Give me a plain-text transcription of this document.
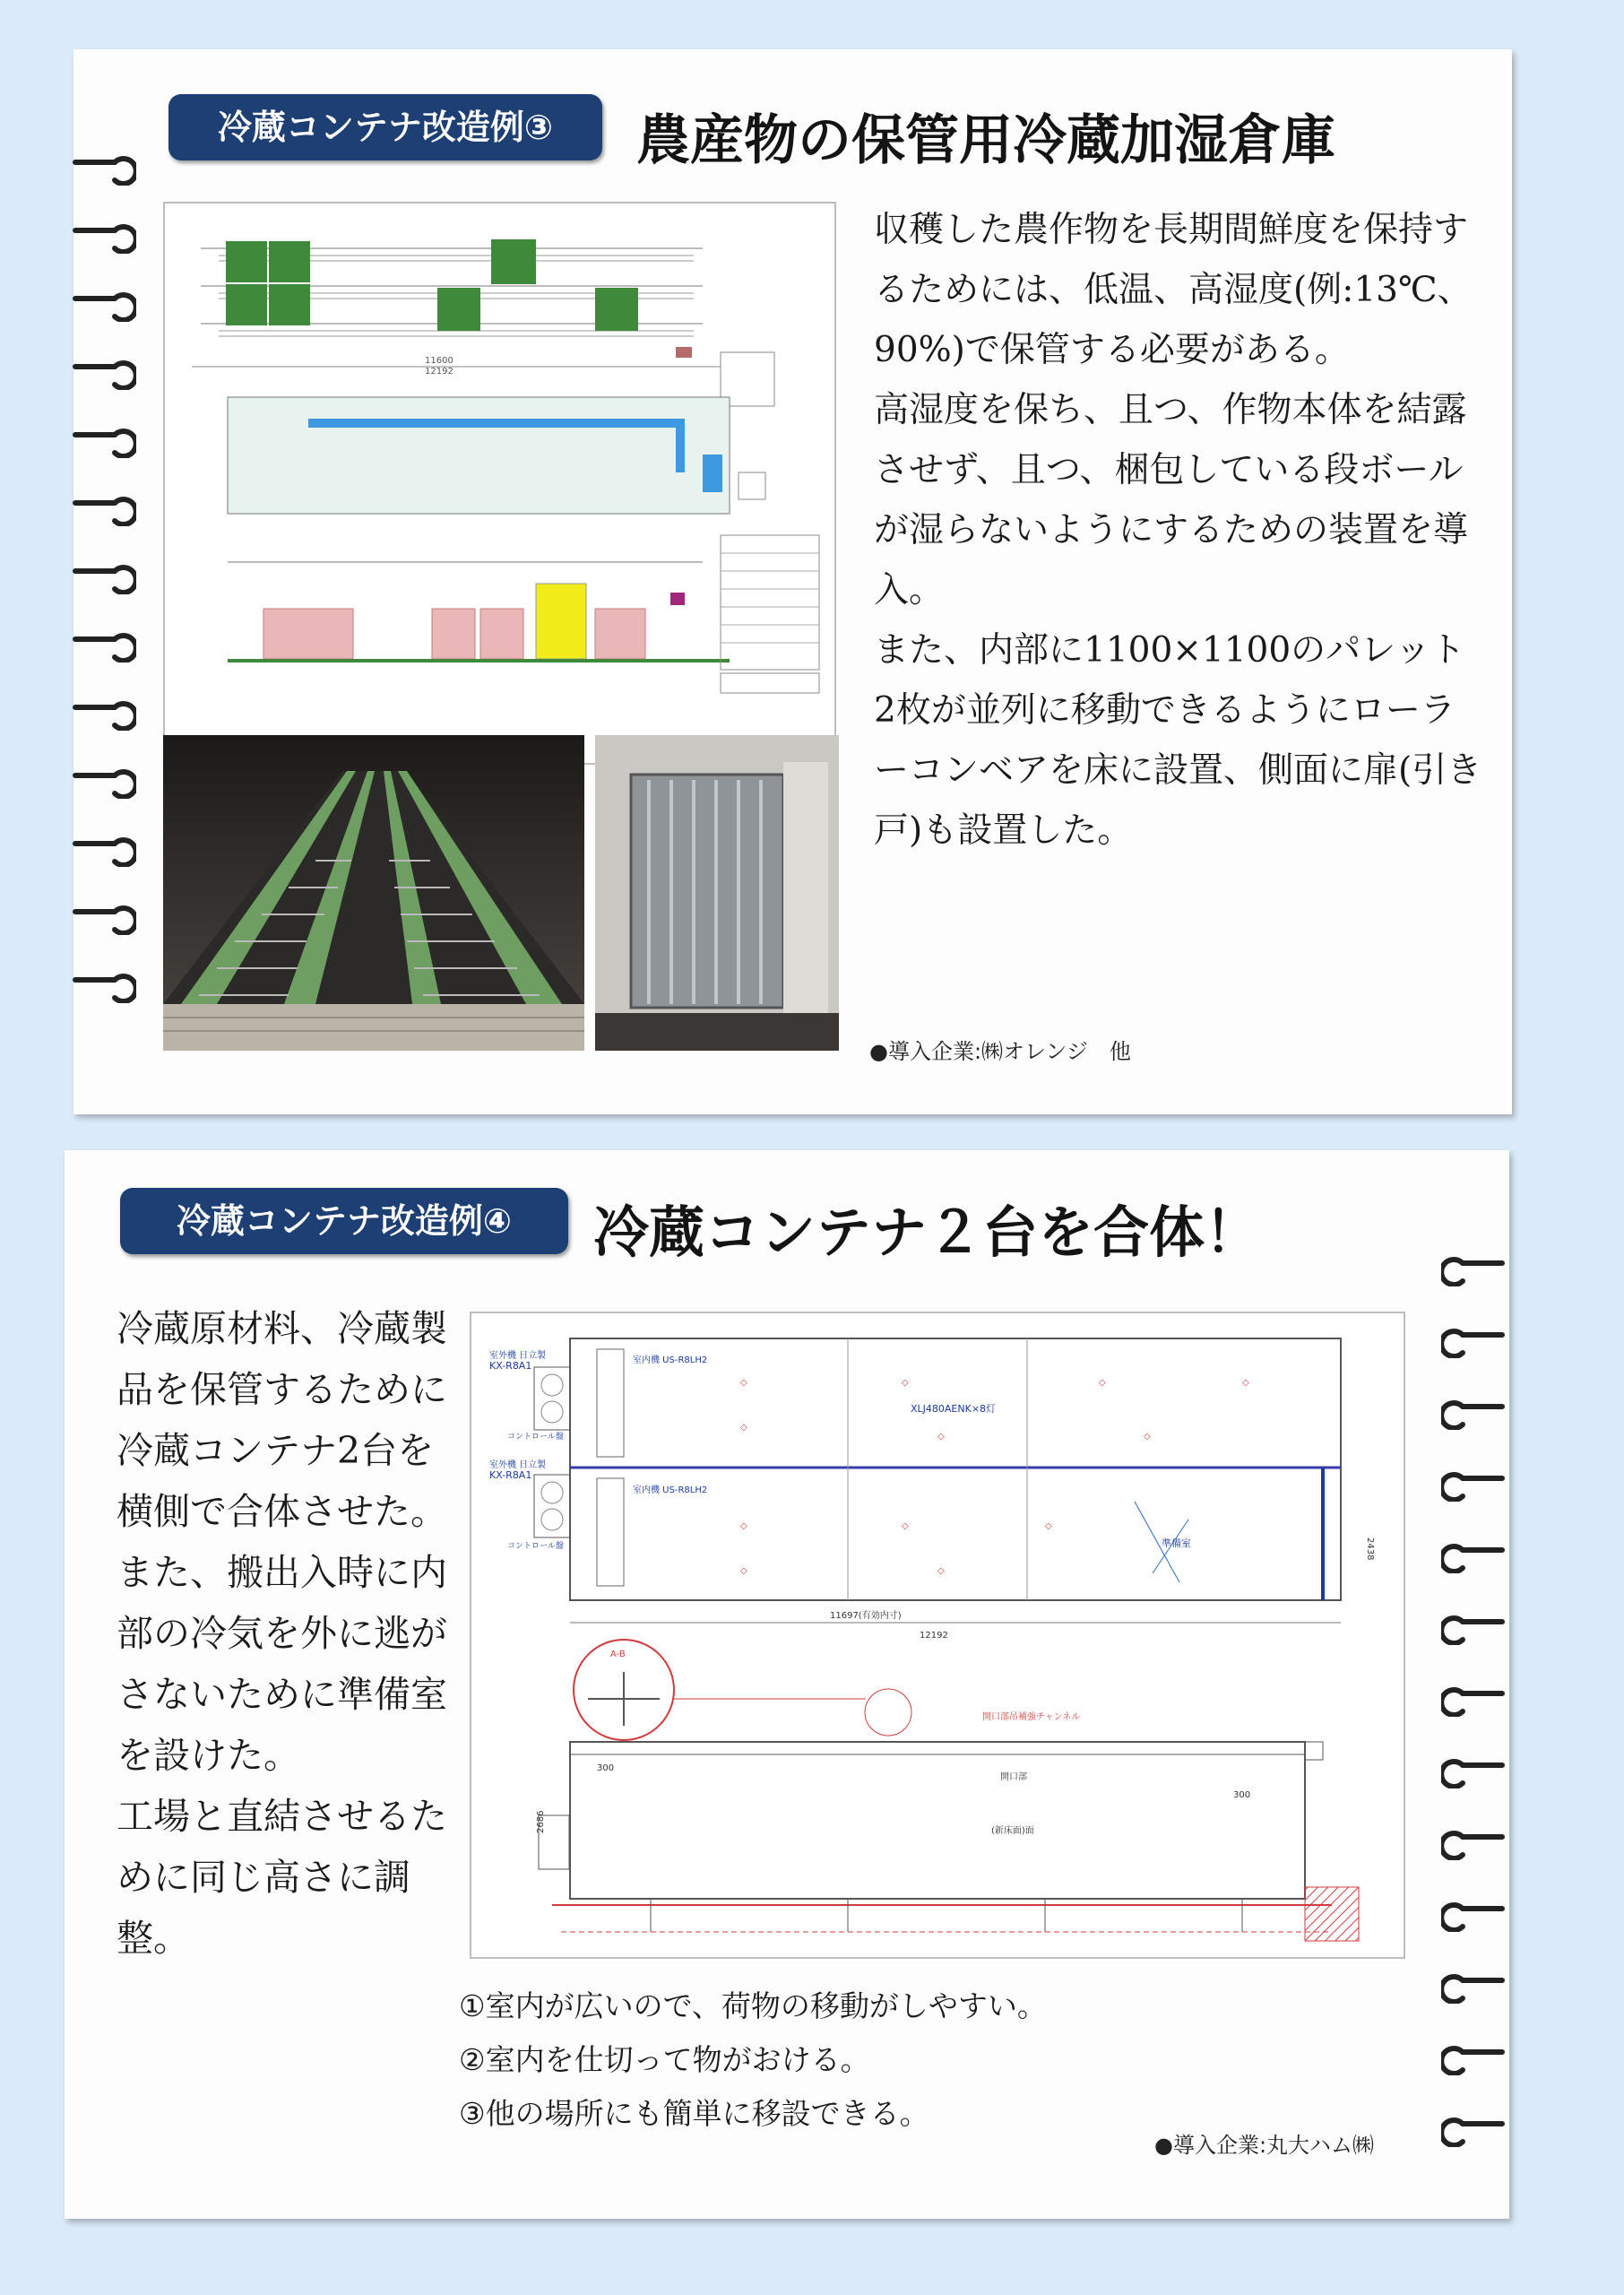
冷蔵コンテナ改造例③	農産物の保管用冷蔵加湿倉庫
11600
12192

収穫した農作物を長期間鮮度を保持するためには、低温、高湿度(例:13℃、90%)で保管する必要がある。

高湿度を保ち、且つ、作物本体を結露させず、且つ、梱包している段ボールが湿らないようにするための装置を導入。

また、内部に1100×1100のパレット2枚が並列に移動できるようにローラーコンベアを床に設置、側面に扉(引き戸)も設置した。

●導入企業:㈱オレンジ　他
冷蔵コンテナ改造例④	冷蔵コンテナ２台を合体！

冷蔵原材料、冷蔵製品を保管するために冷蔵コンテナ2台を横側で合体させた。

また、搬出入時に内部の冷気を外に逃がさないために準備室を設けた。

工場と直結させるために同じ高さに調整。

室外機 日立製
KX-R8A1
室外機 日立製
KX-R8A1
コントロール盤
コントロール盤
室内機 US-R8LH2
室内機 US-R8LH2
XLJ480AENK×8灯
準備室
◇	◇	◇	◇
◇
◇	◇
◇	◇	◇
◇	◇
11697(有効内寸)
12192
2438
A-B
開口部吊補強チャンネル
300
300
開口部
(新床面)面
2686
①室内が広いので、荷物の移動がしやすい。
②室内を仕切って物がおける。
③他の場所にも簡単に移設できる。
●導入企業:丸大ハム㈱
